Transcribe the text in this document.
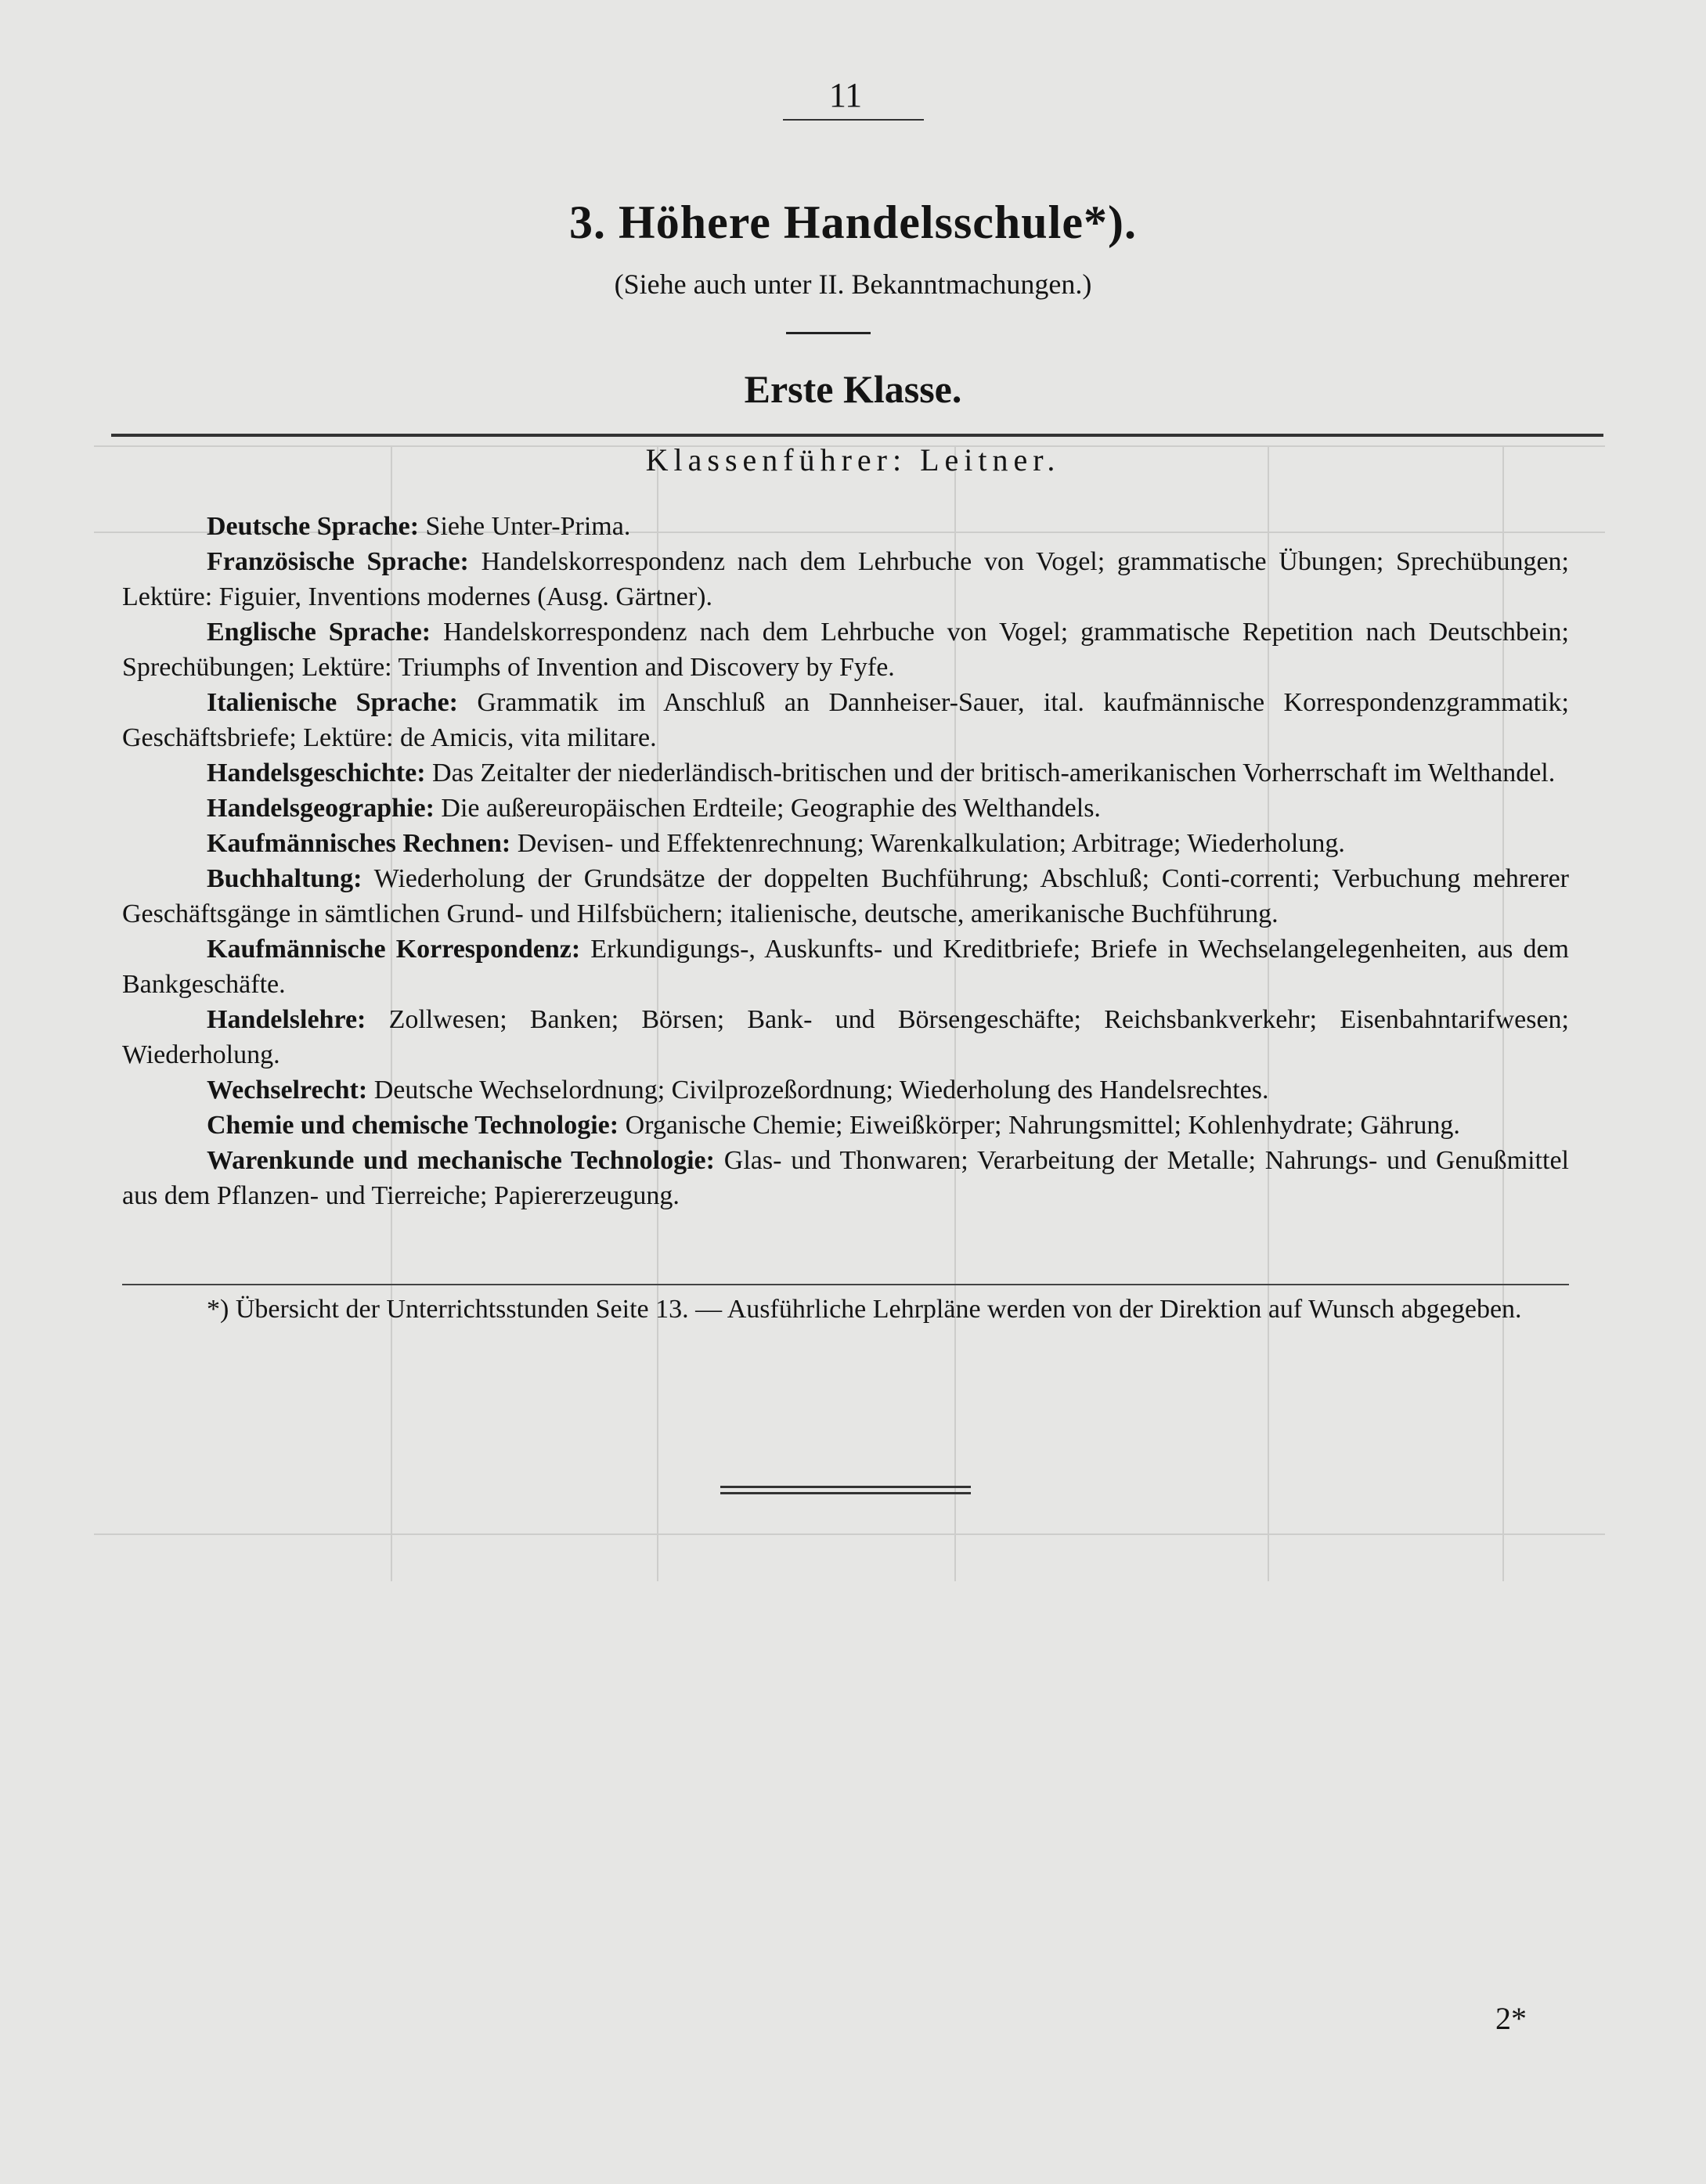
11
3. Höhere Handelsschule*).
(Siehe auch unter II. Bekanntmachungen.)
Erste Klasse.
Klassenführer: Leitner.

Deutsche Sprache: Siehe Unter-Prima.

Französische Sprache: Handelskorrespondenz nach dem Lehrbuche von Vogel; grammatische Übungen; Sprechübungen; Lektüre: Figuier, Inventions modernes (Ausg. Gärtner).

Englische Sprache: Handelskorrespondenz nach dem Lehrbuche von Vogel; grammatische Repetition nach Deutschbein; Sprechübungen; Lektüre: Triumphs of Invention and Discovery by Fyfe.

Italienische Sprache: Grammatik im Anschluß an Dannheiser-Sauer, ital. kaufmännische Korrespondenzgrammatik; Geschäftsbriefe; Lektüre: de Amicis, vita militare.

Handelsgeschichte: Das Zeitalter der niederländisch-britischen und der britisch-amerikanischen Vorherrschaft im Welthandel.

Handelsgeographie: Die außereuropäischen Erdteile; Geographie des Welthandels.

Kaufmännisches Rechnen: Devisen- und Effektenrechnung; Warenkalkulation; Arbitrage; Wiederholung.

Buchhaltung: Wiederholung der Grundsätze der doppelten Buchführung; Abschluß; Conti-correnti; Verbuchung mehrerer Geschäftsgänge in sämtlichen Grund- und Hilfsbüchern; italienische, deutsche, amerikanische Buchführung.

Kaufmännische Korrespondenz: Erkundigungs-, Auskunfts- und Kreditbriefe; Briefe in Wechselangelegenheiten, aus dem Bankgeschäfte.

Handelslehre: Zollwesen; Banken; Börsen; Bank- und Börsengeschäfte; Reichsbankverkehr; Eisenbahntarifwesen; Wiederholung.

Wechselrecht: Deutsche Wechselordnung; Civilprozeßordnung; Wiederholung des Handelsrechtes.

Chemie und chemische Technologie: Organische Chemie; Eiweißkörper; Nahrungsmittel; Kohlenhydrate; Gährung.

Warenkunde und mechanische Technologie: Glas- und Thonwaren; Verarbeitung der Metalle; Nahrungs- und Genußmittel aus dem Pflanzen- und Tierreiche; Papiererzeugung.

*) Übersicht der Unterrichtsstunden Seite 13. — Ausführliche Lehrpläne werden von der Direktion auf Wunsch abgegeben.
2*
